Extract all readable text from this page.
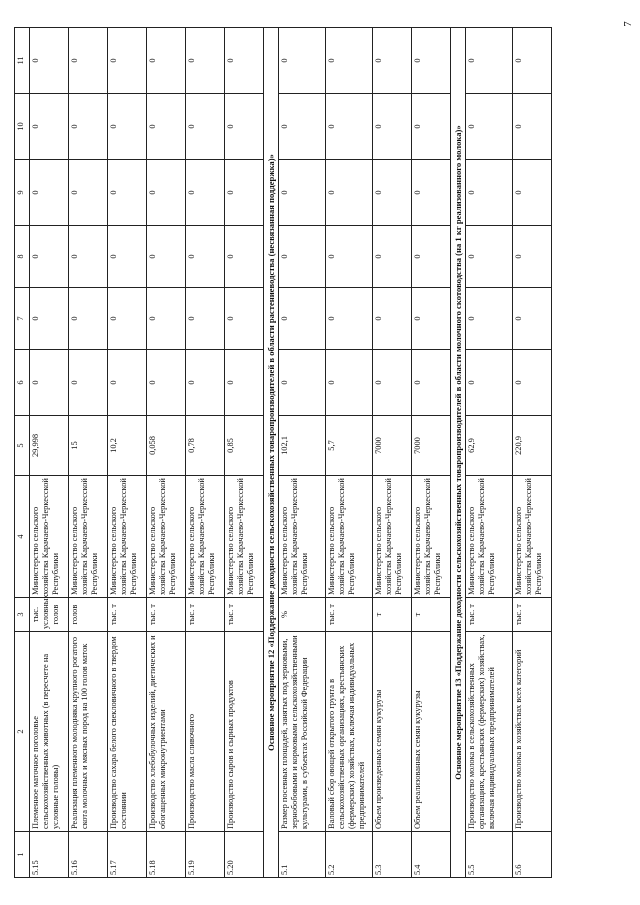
7
1	2	3	4	5	6	7	8	9	10	11
5.15	Племенное маточное поголовье сельскохозяйственных животных (в пересчете на условные головы)	тыс. условных голов	Министерство сельского хозяйства Карачаево-Черкесской Республики	29,998	0	0	0	0	0	0
5.16	Реализация племенного молодняка крупного рогатого скота молочных и мясных пород на 100 голов маток	голов	Министерство сельского хозяйства Карачаево-Черкесской Республики	15	0	0	0	0	0	0
5.17	Производство сахара белого свекловичного в твердом состоянии	тыс. т	Министерство сельского хозяйства Карачаево-Черкесской Республики	10,2	0	0	0	0	0	0
5.18	Производство хлебобулочных изделий, диетических и обогащенных микронутриентами	тыс. т	Министерство сельского хозяйства Карачаево-Черкесской Республики	0,058	0	0	0	0	0	0
5.19	Производство масла сливочного	тыс. т	Министерство сельского хозяйства Карачаево-Черкесской Республики	0,78	0	0	0	0	0	0
5.20	Производство сыров и сырных продуктов	тыс. т	Министерство сельского хозяйства Карачаево-Черкесской Республики	0,85	0	0	0	0	0	0
Основное мероприятие 12 «Поддержание доходности сельскохозяйственных товаропроизводителей в области растениеводства (несвязанная поддержка)»										
5.1	Размер посевных площадей, занятых под зерновыми, зернобобовыми и кормовыми сельскохозяйственными культурами, в субъектах Российской Федерации	%	Министерство сельского хозяйства Карачаево-Черкесской Республики	102,1	0	0	0	0	0	0
5.2	Валовый сбор овощей открытого грунта в сельскохозяйственных организациях, крестьянских (фермерских) хозяйствах, включая индивидуальных предпринимателей	тыс. т	Министерство сельского хозяйства Карачаево-Черкесской Республики	5,7	0	0	0	0	0	0
5.3	Объем произведенных семян кукурузы	т	Министерство сельского хозяйства Карачаево-Черкесской Республики	7000	0	0	0	0	0	0
5.4	Объем реализованных семян кукурузы	т	Министерство сельского хозяйства Карачаево-Черкесской Республики	7000	0	0	0	0	0	0
Основное мероприятие 13 «Поддержание доходности сельскохозяйственных товаропроизводителей в области молочного скотоводства (на 1 кг реализованного молока)»										
5.5	Производство молока в сельскохозяйственных организациях, крестьянских (фермерских) хозяйствах, включая индивидуальных предпринимателей	тыс. т	Министерство сельского хозяйства Карачаево-Черкесской Республики	62,9	0	0	0	0	0	0
5.6	Производство молока в хозяйствах всех категорий	тыс. т	Министерство сельского хозяйства Карачаево-Черкесской Республики	220,9	0	0	0	0	0	0
